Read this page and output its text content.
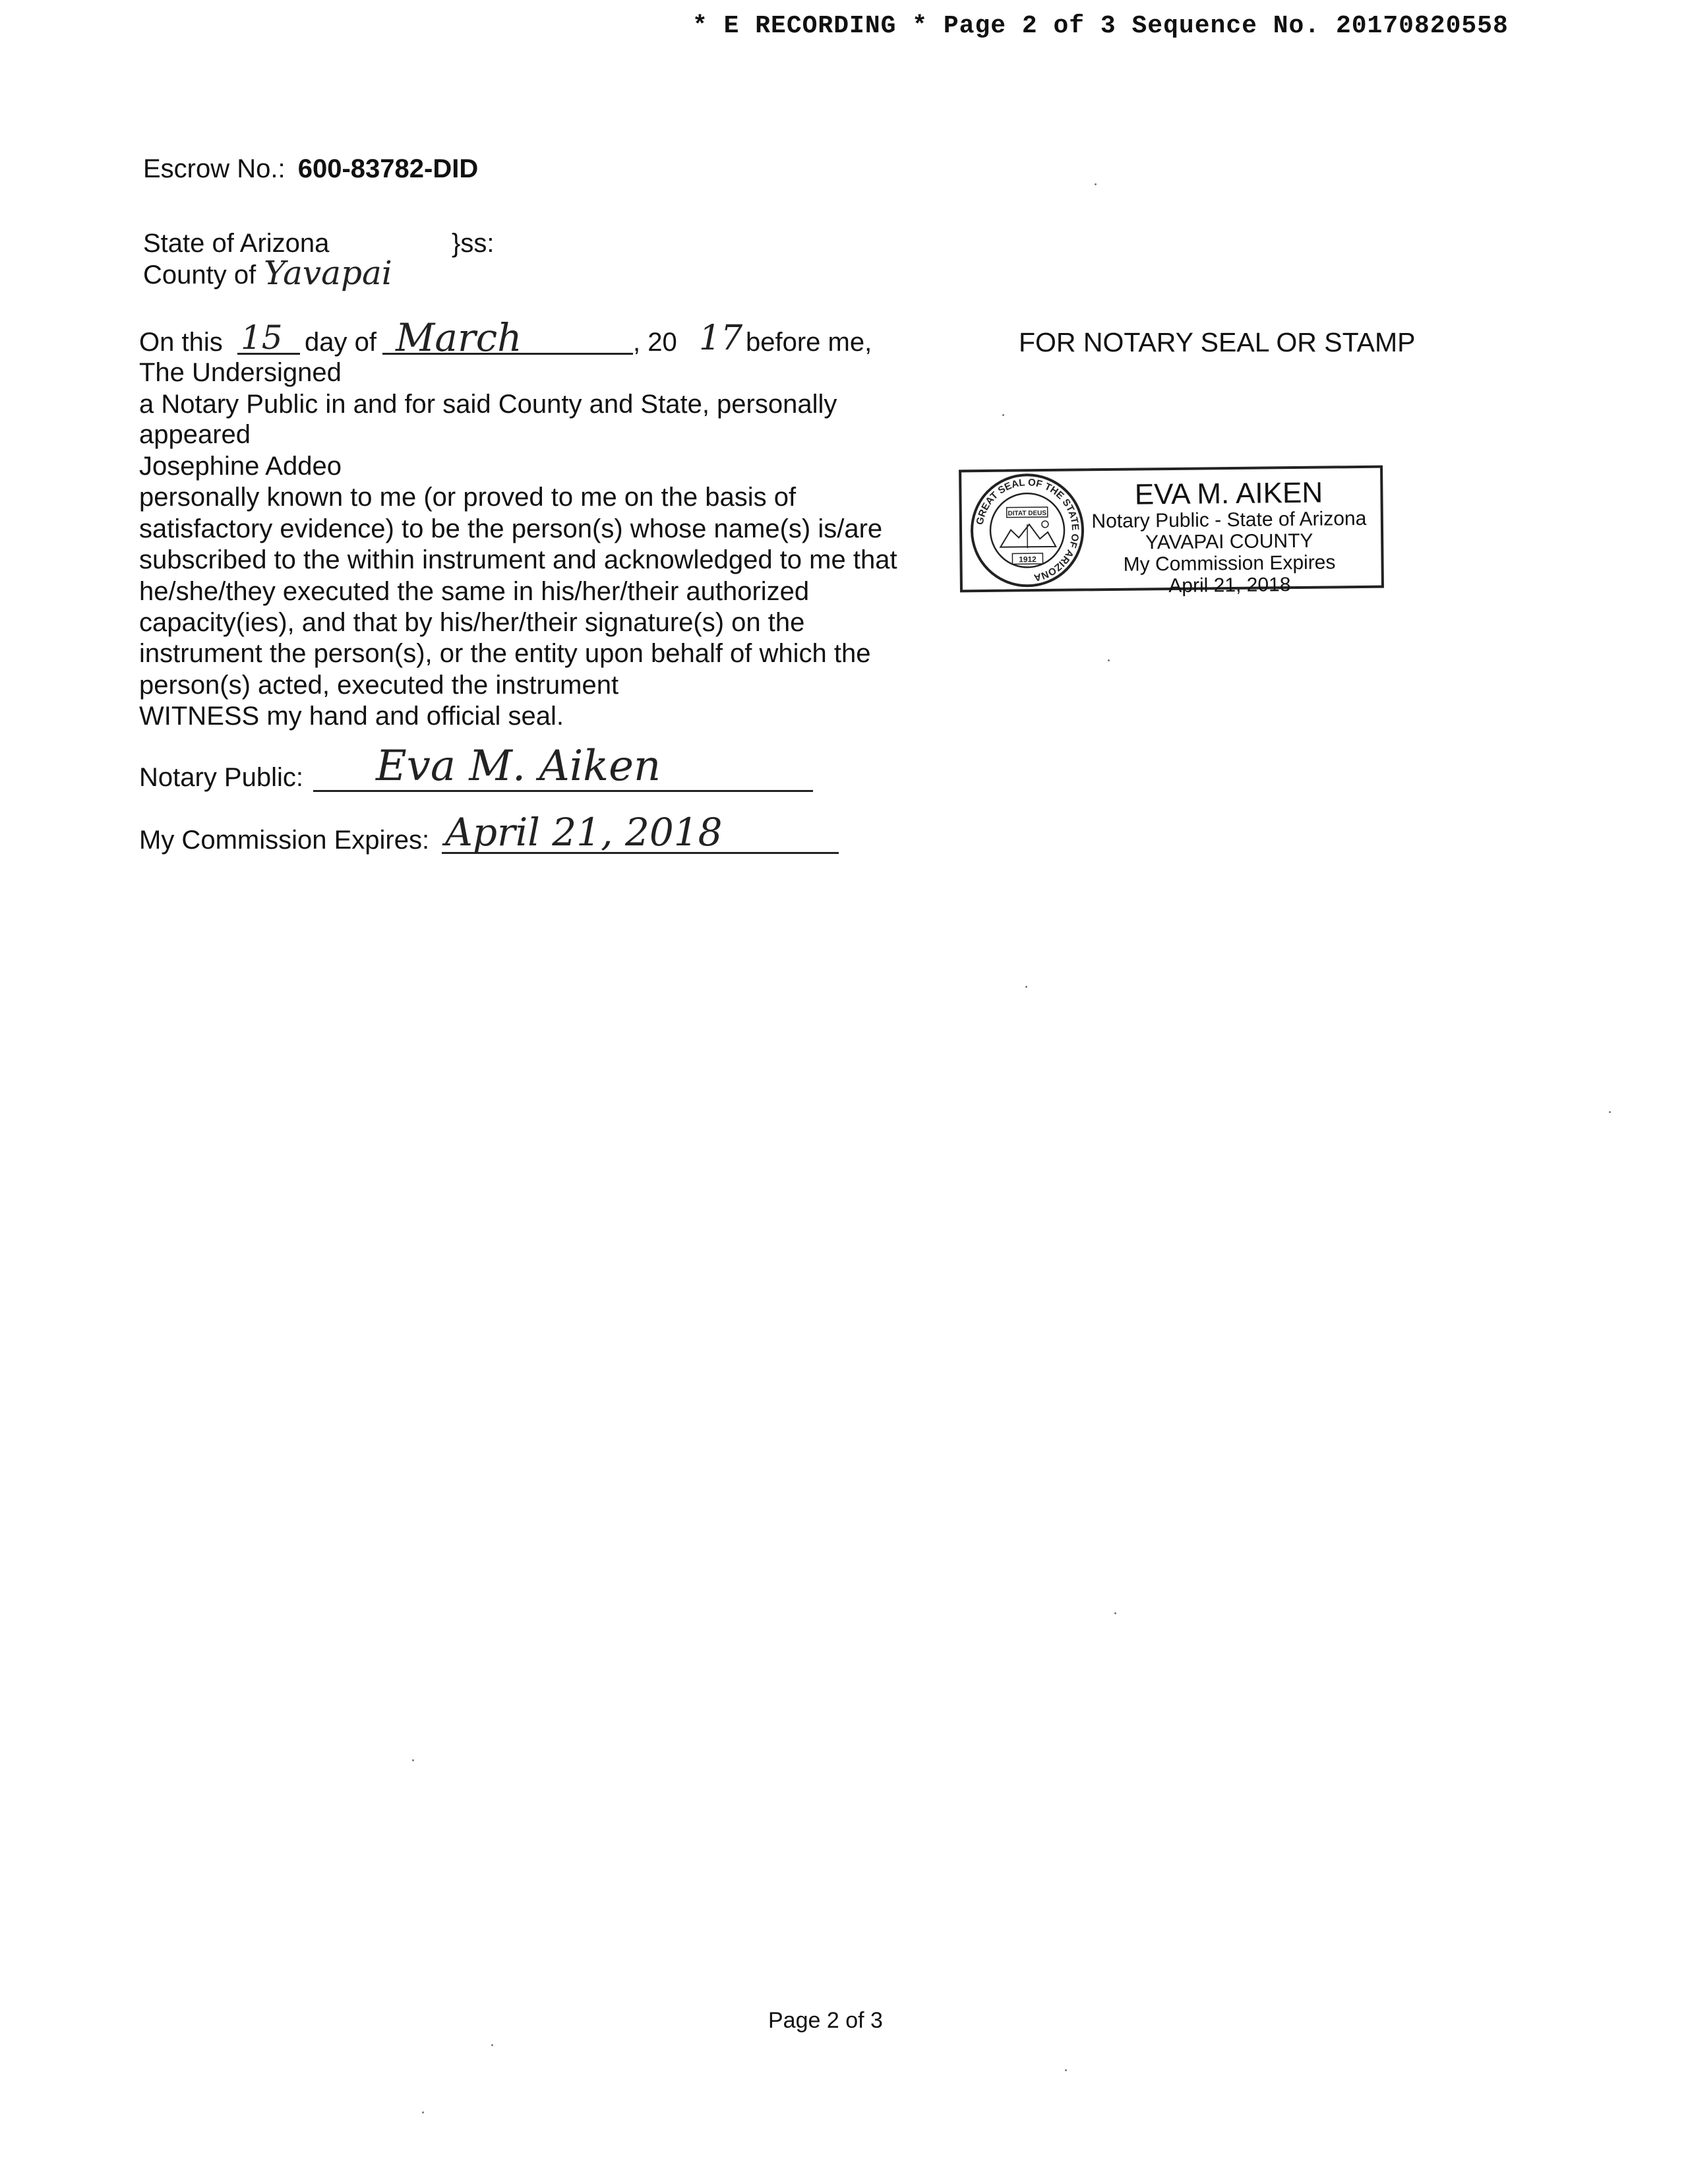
* E RECORDING * Page 2 of 3 Sequence No. 20170820558
Escrow No.: 600-83782-DID
State of Arizona	}ss:
County of Yavapai
On this 15 day of March	, 20 17 before me,
The Undersigned
a Notary Public in and for said County and State, personally
appeared
Josephine Addeo
personally known to me (or proved to me on the basis of
satisfactory evidence) to be the person(s) whose name(s) is/are
subscribed to the within instrument and acknowledged to me that
he/she/they executed the same in his/her/their authorized
capacity(ies), and that by his/her/their signature(s) on the
instrument the person(s), or the entity upon behalf of which the
person(s) acted, executed the instrument
WITNESS my hand and official seal.
Notary Public: Eva M. Aiken
My Commission Expires: April 21, 2018
FOR NOTARY SEAL OR STAMP
GREAT SEAL OF THE STATE OF ARIZONA
DITAT DEUS
1912
EVA M. AIKEN
Notary Public - State of Arizona
YAVAPAI COUNTY
My Commission Expires
April 21, 2018
Page 2 of 3
